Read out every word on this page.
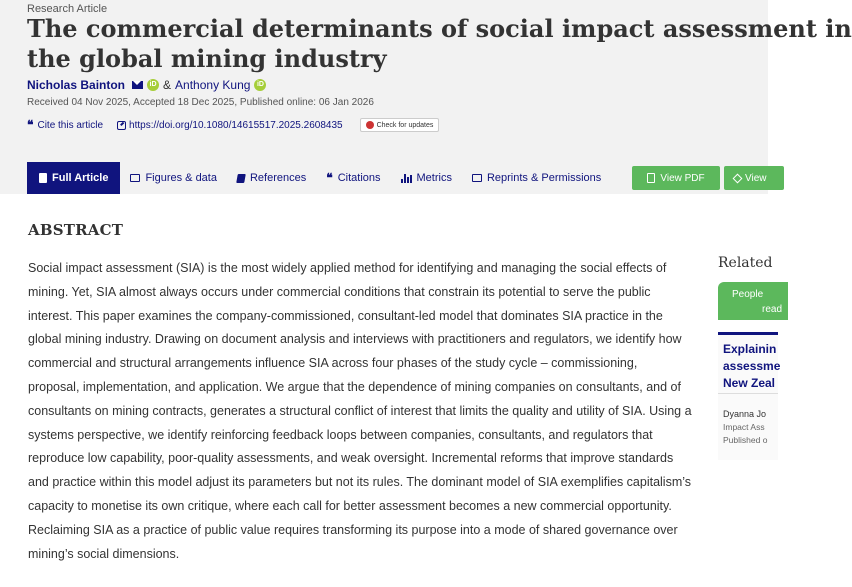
Research Article
The commercial determinants of social impact assessment in
the global mining industry
Nicholas Bainton	iD & Anthony Kung iD
Received 04 Nov 2025, Accepted 18 Dec 2025, Published online: 06 Jan 2026
❝ Cite this article	https://doi.org/10.1080/14615517.2025.2608435	Check for updates
Full Article	Figures & data	References ❝ Citations	Metrics	Reprints & Permissions	View PDF	View
ABSTRACT

Social impact assessment (SIA) is the most widely applied method for identifying and managing the social effects of mining. Yet, SIA almost always occurs under commercial conditions that constrain its potential to serve the public interest. This paper examines the company-commissioned, consultant-led model that dominates SIA practice in the global mining industry. Drawing on document analysis and interviews with practitioners and regulators, we identify how commercial and structural arrangements influence SIA across four phases of the study cycle – commissioning, proposal, implementation, and application. We argue that the dependence of mining companies on consultants, and of consultants on mining contracts, generates a structural conflict of interest that limits the quality and utility of SIA. Using a systems perspective, we identify reinforcing feedback loops between companies, consultants, and regulators that reproduce low capability, poor-quality assessments, and weak oversight. Incremental reforms that improve standards and practice within this model adjust its parameters but not its rules. The dominant model of SIA exemplifies capitalism’s capacity to monetise its own critique, where each call for better assessment becomes a new commercial opportunity. Reclaiming SIA as a practice of public value requires transforming its purpose into a mode of shared governance over mining’s social dimensions.

Related
People
read
Explainin
assessme
New Zeal
Dyanna Jo
Impact Ass
Published o
